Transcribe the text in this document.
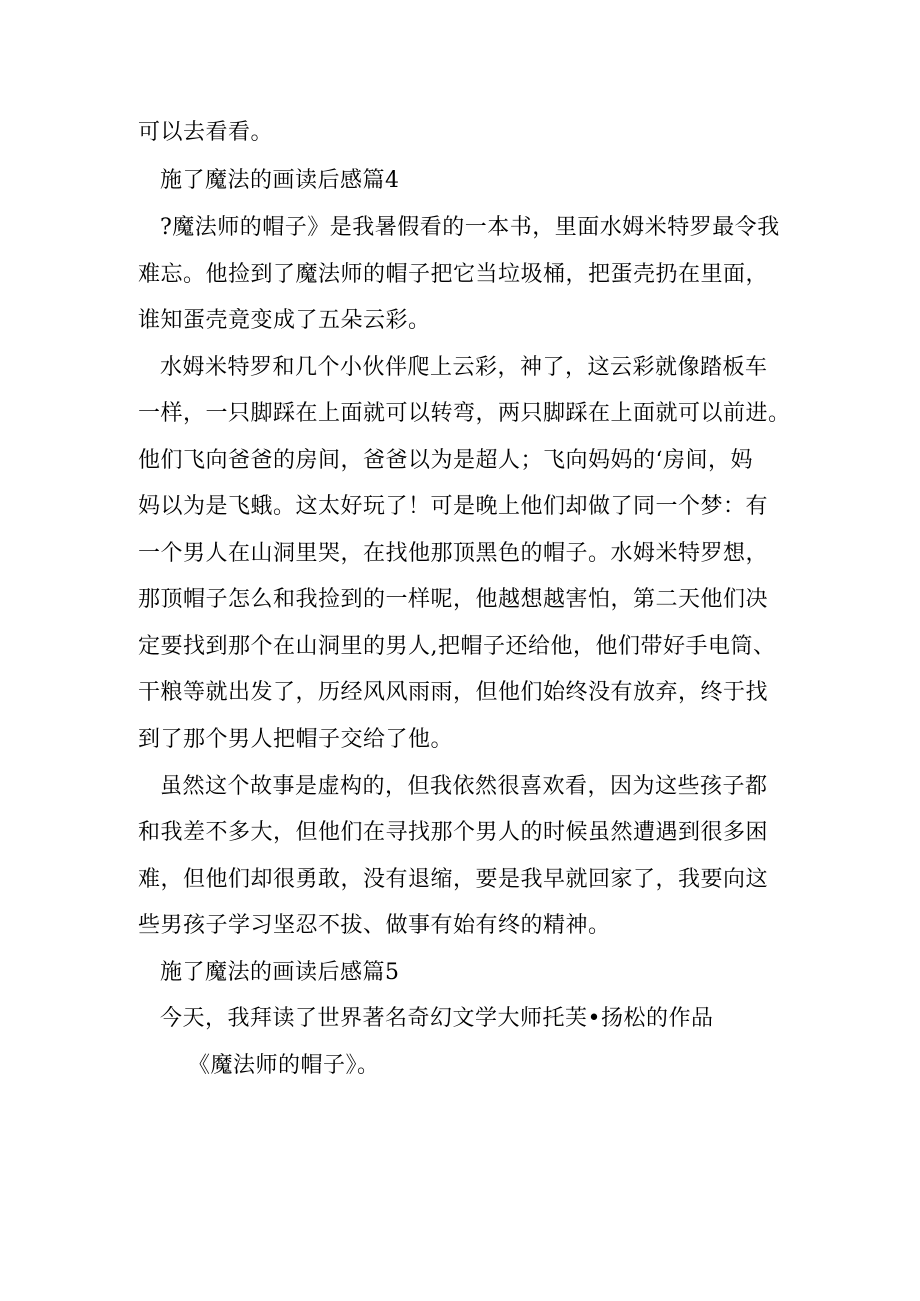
可以去看看。
施了魔法的画读后感篇4
?魔法师的帽子》是我暑假看的一本书，里面水姆米特罗最令我
难忘。他捡到了魔法师的帽子把它当垃圾桶，把蛋壳扔在里面，
谁知蛋壳竟变成了五朵云彩。
水姆米特罗和几个小伙伴爬上云彩，神了，这云彩就像踏板车
一样，一只脚踩在上面就可以转弯，两只脚踩在上面就可以前进。
他们飞向爸爸的房间，爸爸以为是超人；飞向妈妈的‘房间，妈
妈以为是飞蛾。这太好玩了！可是晚上他们却做了同一个梦：有
一个男人在山洞里哭，在找他那顶黑色的帽子。水姆米特罗想，
那顶帽子怎么和我捡到的一样呢，他越想越害怕，第二天他们决
定要找到那个在山洞里的男人,把帽子还给他，他们带好手电筒、
干粮等就出发了，历经风风雨雨，但他们始终没有放弃，终于找
到了那个男人把帽子交给了他。
虽然这个故事是虚构的，但我依然很喜欢看，因为这些孩子都
和我差不多大，但他们在寻找那个男人的时候虽然遭遇到很多困
难，但他们却很勇敢，没有退缩，要是我早就回家了，我要向这
些男孩子学习坚忍不拔、做事有始有终的精神。
施了魔法的画读后感篇5
今天，我拜读了世界著名奇幻文学大师托芙•扬松的作品
《魔法师的帽子》。
